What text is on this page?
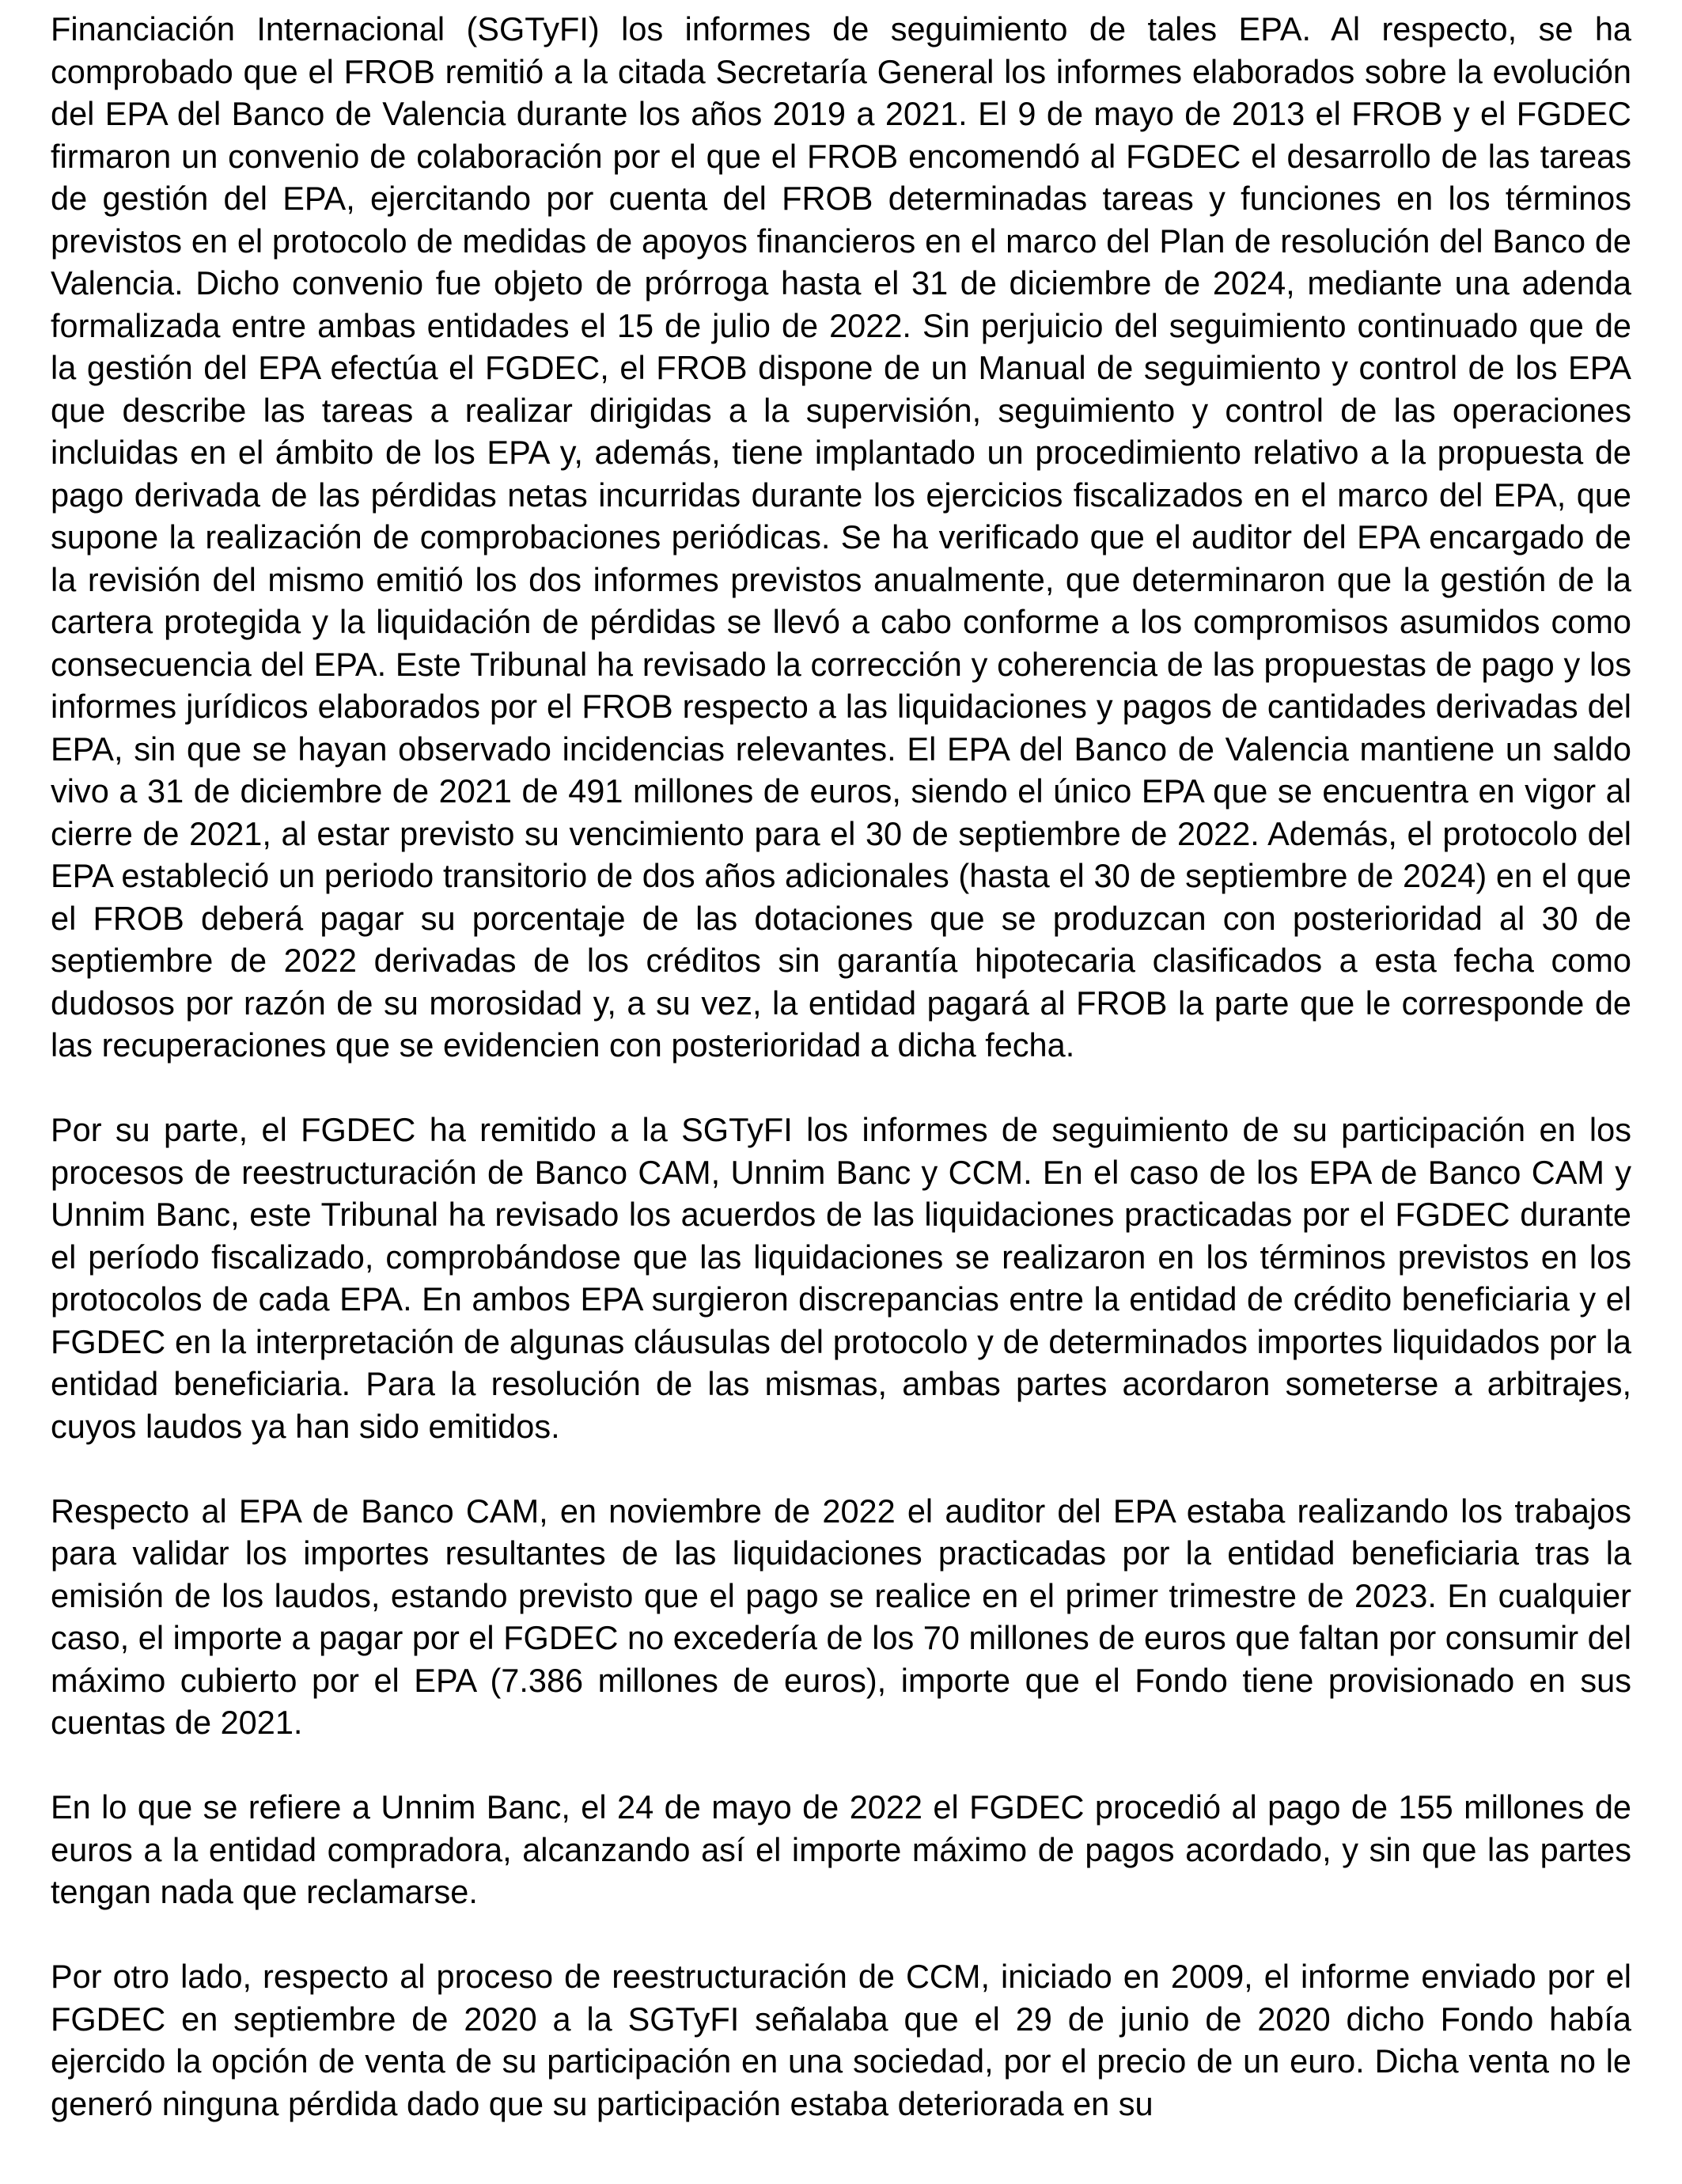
Financiación Internacional (SGTyFI) los informes de seguimiento de tales EPA. Al respecto, se ha comprobado que el FROB remitió a la citada Secretaría General los informes elaborados sobre la evolución del EPA del Banco de Valencia durante los años 2019 a 2021. El 9 de mayo de 2013 el FROB y el FGDEC firmaron un convenio de colaboración por el que el FROB encomendó al FGDEC el desarrollo de las tareas de gestión del EPA, ejercitando por cuenta del FROB determinadas tareas y funciones en los términos previstos en el protocolo de medidas de apoyos financieros en el marco del Plan de resolución del Banco de Valencia. Dicho convenio fue objeto de prórroga hasta el 31 de diciembre de 2024, mediante una adenda formalizada entre ambas entidades el 15 de julio de 2022. Sin perjuicio del seguimiento continuado que de la gestión del EPA efectúa el FGDEC, el FROB dispone de un Manual de seguimiento y control de los EPA que describe las tareas a realizar dirigidas a la supervisión, seguimiento y control de las operaciones incluidas en el ámbito de los EPA y, además, tiene implantado un procedimiento relativo a la propuesta de pago derivada de las pérdidas netas incurridas durante los ejercicios fiscalizados en el marco del EPA, que supone la realización de comprobaciones periódicas. Se ha verificado que el auditor del EPA encargado de la revisión del mismo emitió los dos informes previstos anualmente, que determinaron que la gestión de la cartera protegida y la liquidación de pérdidas se llevó a cabo conforme a los compromisos asumidos como consecuencia del EPA. Este Tribunal ha revisado la corrección y coherencia de las propuestas de pago y los informes jurídicos elaborados por el FROB respecto a las liquidaciones y pagos de cantidades derivadas del EPA, sin que se hayan observado incidencias relevantes. El EPA del Banco de Valencia mantiene un saldo vivo a 31 de diciembre de 2021 de 491 millones de euros, siendo el único EPA que se encuentra en vigor al cierre de 2021, al estar previsto su vencimiento para el 30 de septiembre de 2022. Además, el protocolo del EPA estableció un periodo transitorio de dos años adicionales (hasta el 30 de septiembre de 2024) en el que el FROB deberá pagar su porcentaje de las dotaciones que se produzcan con posterioridad al 30 de septiembre de 2022 derivadas de los créditos sin garantía hipotecaria clasificados a esta fecha como dudosos por razón de su morosidad y, a su vez, la entidad pagará al FROB la parte que le corresponde de las recuperaciones que se evidencien con posterioridad a dicha fecha.

Por su parte, el FGDEC ha remitido a la SGTyFI los informes de seguimiento de su participación en los procesos de reestructuración de Banco CAM, Unnim Banc y CCM. En el caso de los EPA de Banco CAM y Unnim Banc, este Tribunal ha revisado los acuerdos de las liquidaciones practicadas por el FGDEC durante el período fiscalizado, comprobándose que las liquidaciones se realizaron en los términos previstos en los protocolos de cada EPA. En ambos EPA surgieron discrepancias entre la entidad de crédito beneficiaria y el FGDEC en la interpretación de algunas cláusulas del protocolo y de determinados importes liquidados por la entidad beneficiaria. Para la resolución de las mismas, ambas partes acordaron someterse a arbitrajes, cuyos laudos ya han sido emitidos.

Respecto al EPA de Banco CAM, en noviembre de 2022 el auditor del EPA estaba realizando los trabajos para validar los importes resultantes de las liquidaciones practicadas por la entidad beneficiaria tras la emisión de los laudos, estando previsto que el pago se realice en el primer trimestre de 2023. En cualquier caso, el importe a pagar por el FGDEC no excedería de los 70 millones de euros que faltan por consumir del máximo cubierto por el EPA (7.386 millones de euros), importe que el Fondo tiene provisionado en sus cuentas de 2021.

En lo que se refiere a Unnim Banc, el 24 de mayo de 2022 el FGDEC procedió al pago de 155 millones de euros a la entidad compradora, alcanzando así el importe máximo de pagos acordado, y sin que las partes tengan nada que reclamarse.

Por otro lado, respecto al proceso de reestructuración de CCM, iniciado en 2009, el informe enviado por el FGDEC en septiembre de 2020 a la SGTyFI señalaba que el 29 de junio de 2020 dicho Fondo había ejercido la opción de venta de su participación en una sociedad, por el precio de un euro. Dicha venta no le generó ninguna pérdida dado que su participación estaba deteriorada en su
